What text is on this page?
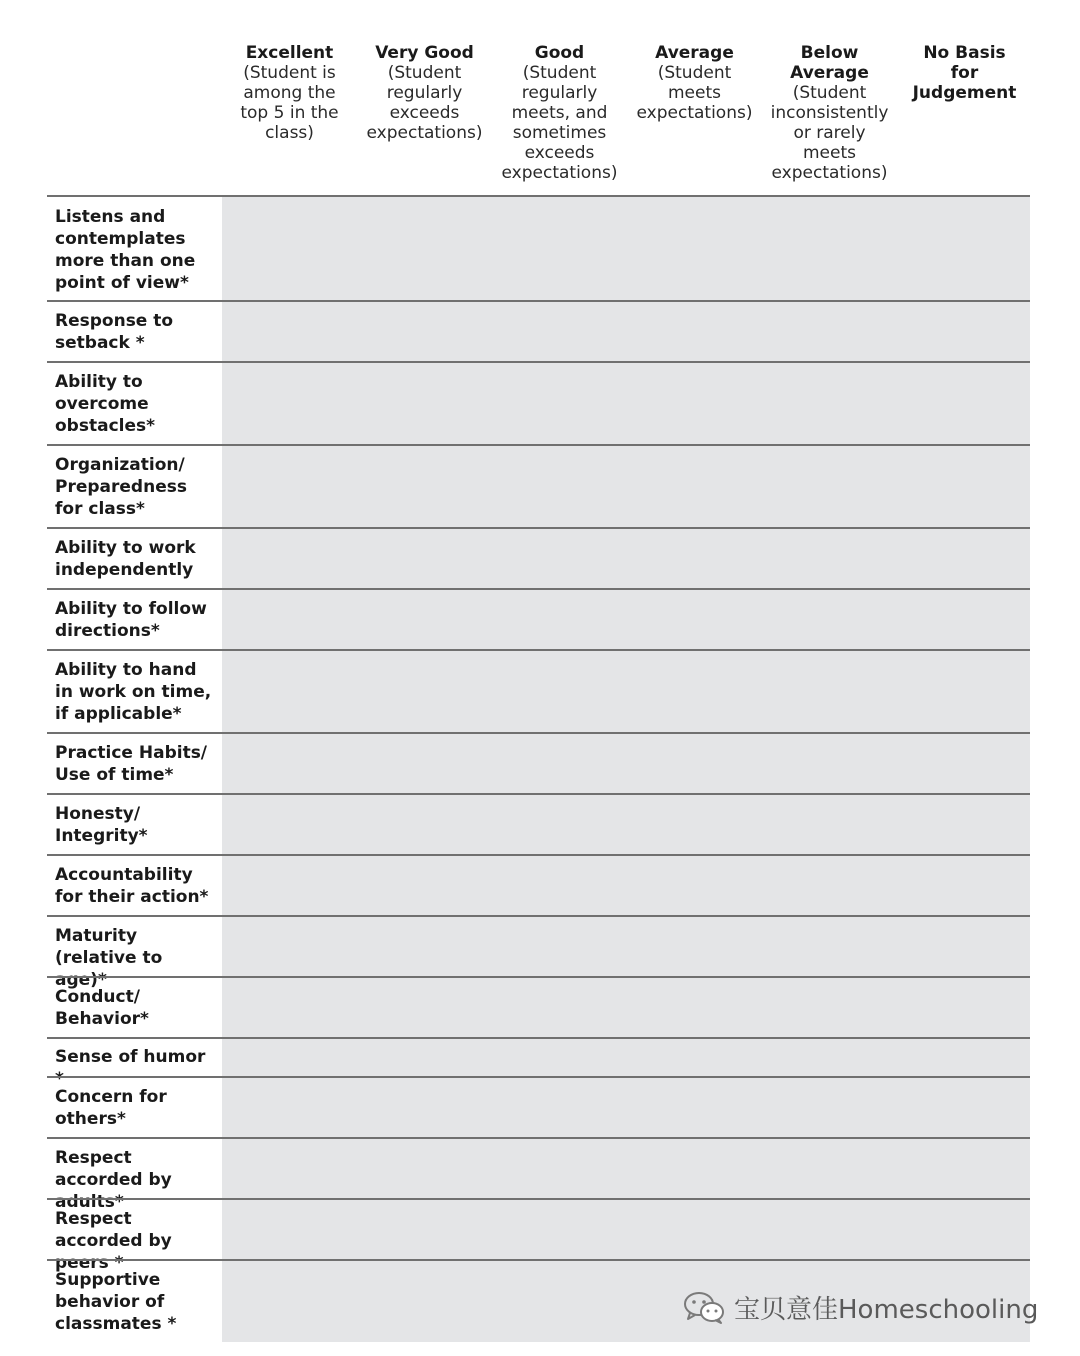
Excellent
(Student is among the top 5 in the class)
Very Good
(Student regularly exceeds expectations)
Good
(Student regularly meets, and sometimes exceeds expectations)
Average
(Student meets expectations)
Below Average
(Student inconsistently or rarely meets expectations)
No Basis for Judgement
Listens and contemplates more than one point of view*
Response to setback *
Ability to overcome obstacles*
Organization/ Preparedness for class*
Ability to work independently
Ability to follow directions*
Ability to hand in work on time, if applicable*
Practice Habits/ Use of time*
Honesty/ Integrity*
Accountability for their action*
Maturity (relative to age)*
Conduct/ Behavior*
Sense of humor *
Concern for others*
Respect accorded by adults*
Respect accorded by peers *
Supportive behavior of classmates *	宝贝意佳Homeschooling
